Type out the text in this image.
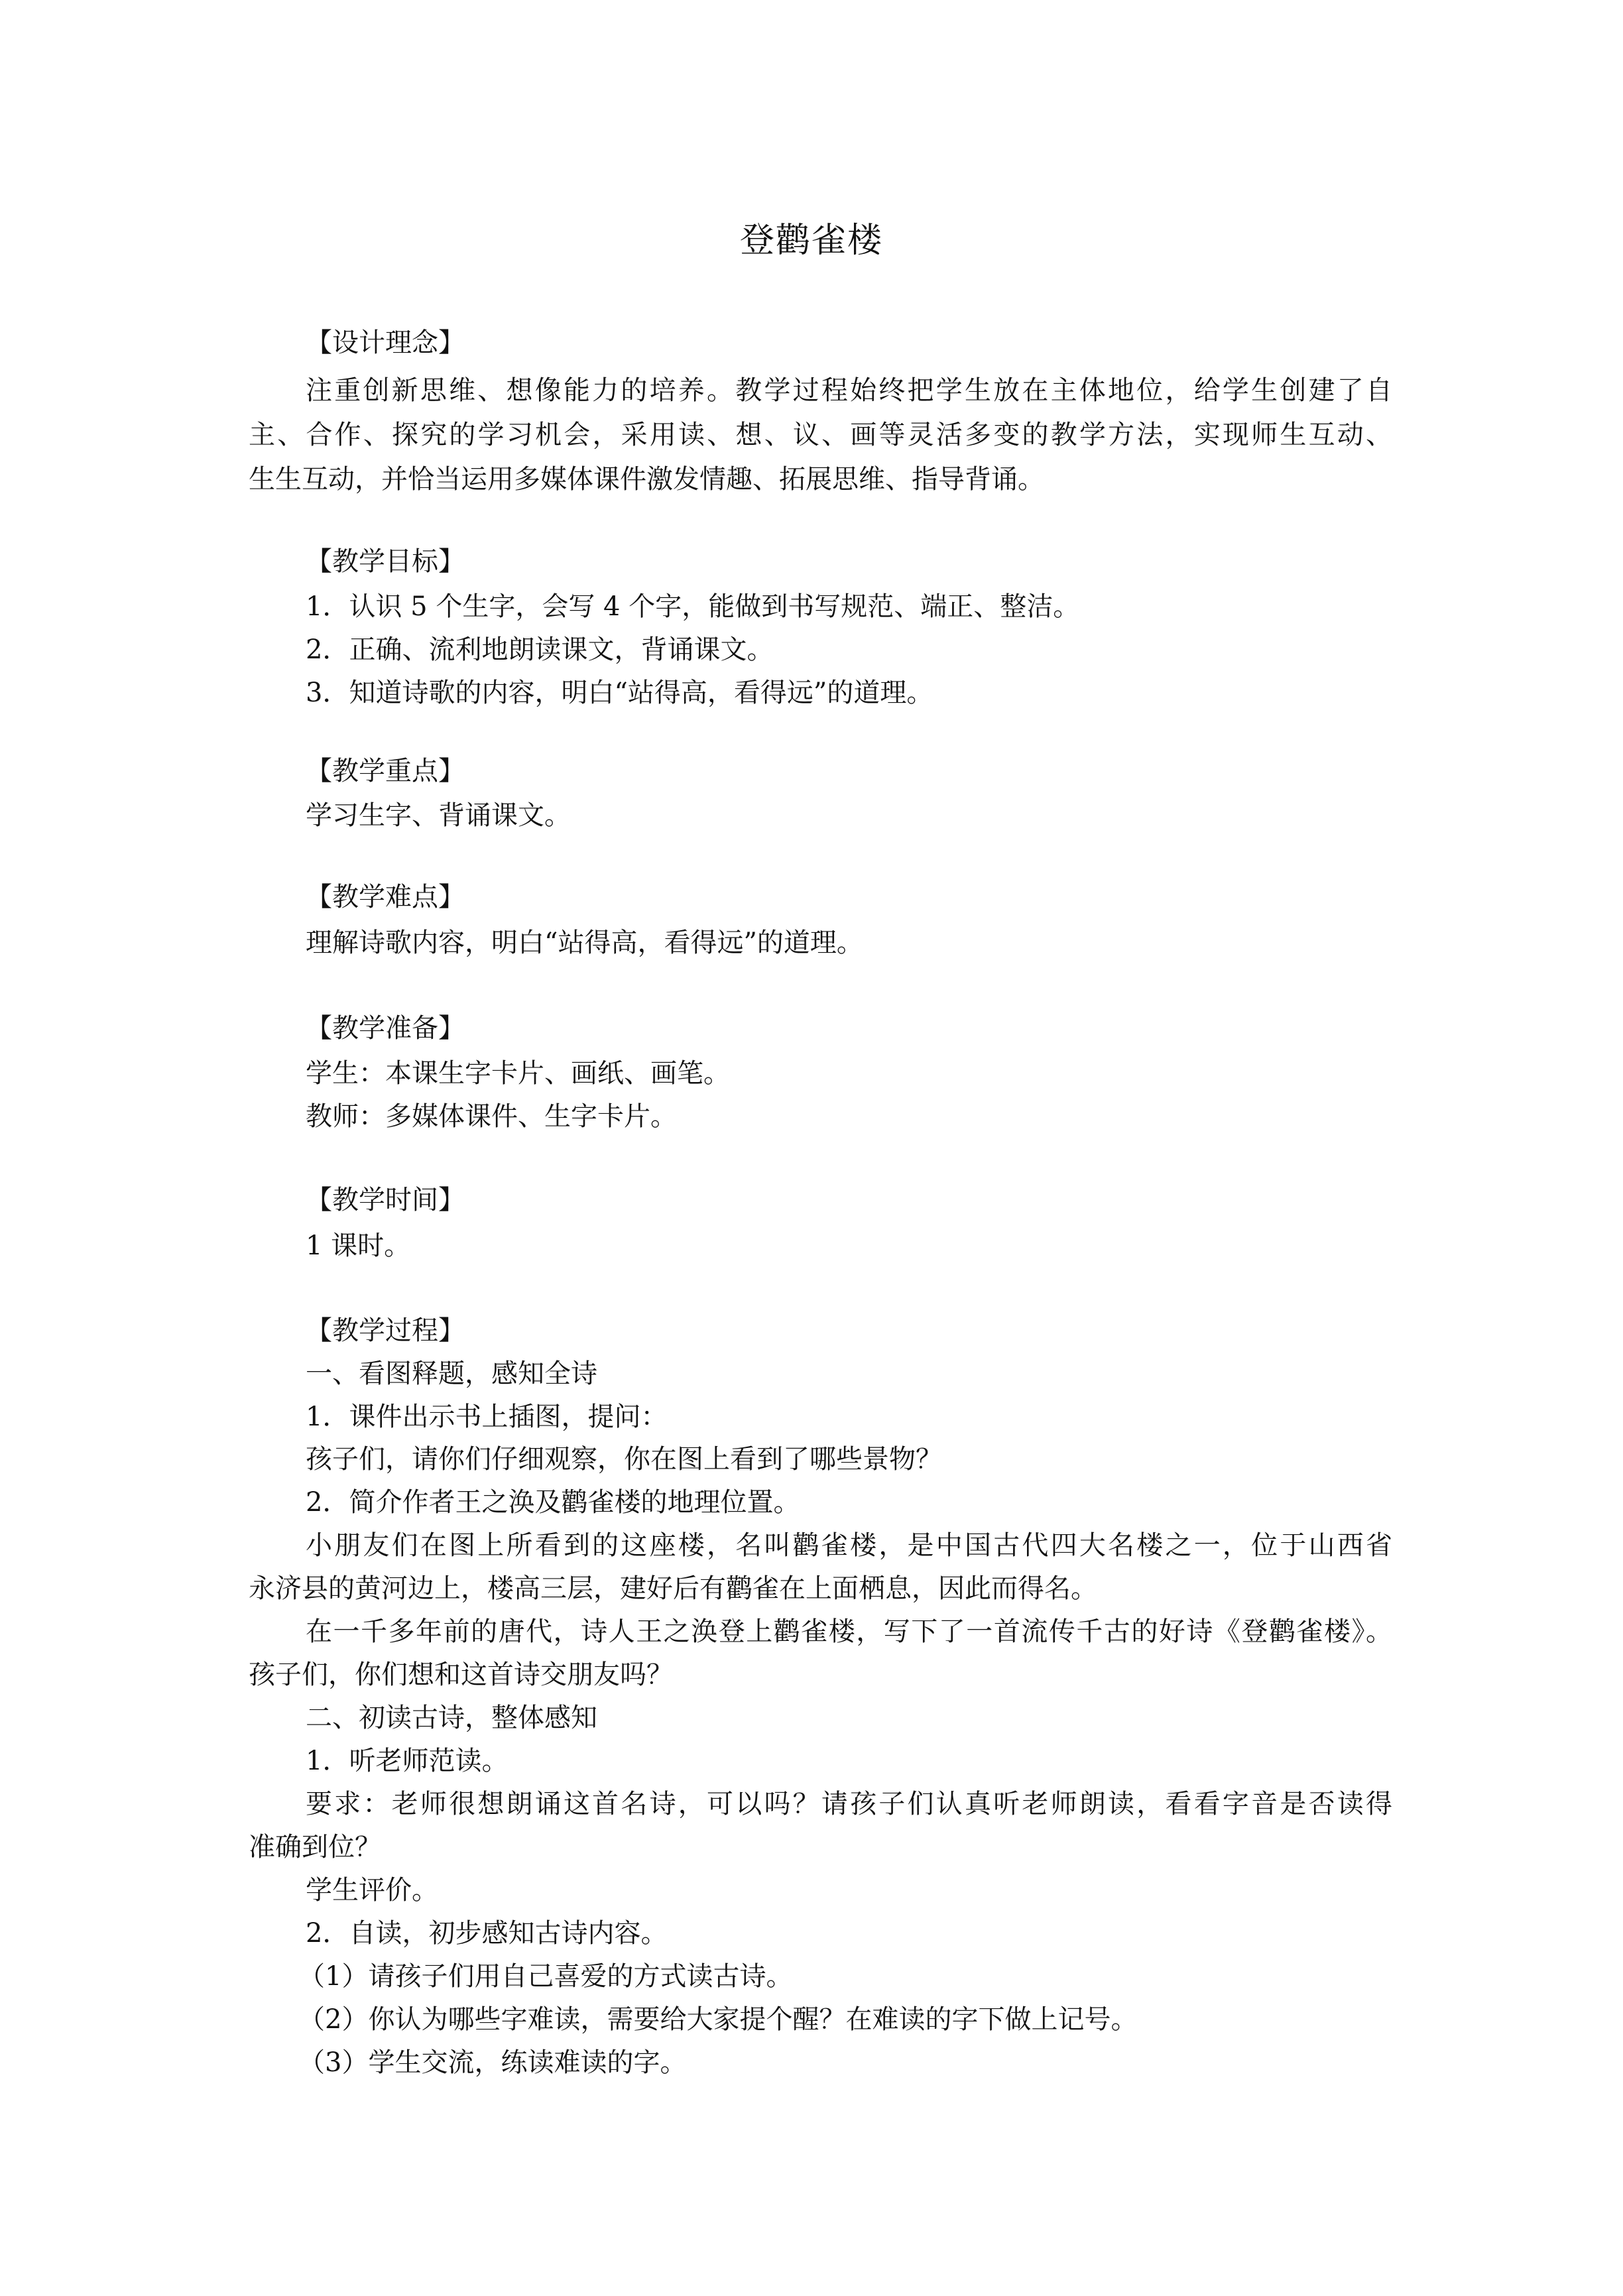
登鹳雀楼
【设计理念】
注重创新思维、想像能力的培养。教学过程始终把学生放在主体地位，给学生创建了自
主、合作、探究的学习机会，采用读、想、议、画等灵活多变的教学方法，实现师生互动、
生生互动，并恰当运用多媒体课件激发情趣、拓展思维、指导背诵。
【教学目标】
1．认识 5 个生字，会写 4 个字，能做到书写规范、端正、整洁。
2．正确、流利地朗读课文，背诵课文。
3．知道诗歌的内容，明白“站得高，看得远”的道理。
【教学重点】
学习生字、背诵课文。
【教学难点】
理解诗歌内容，明白“站得高，看得远”的道理。
【教学准备】
学生：本课生字卡片、画纸、画笔。
教师：多媒体课件、生字卡片。
【教学时间】
1 课时。
【教学过程】
一、看图释题，感知全诗
1．课件出示书上插图，提问：
孩子们，请你们仔细观察，你在图上看到了哪些景物？
2．简介作者王之涣及鹳雀楼的地理位置。
小朋友们在图上所看到的这座楼，名叫鹳雀楼，是中国古代四大名楼之一，位于山西省
永济县的黄河边上，楼高三层，建好后有鹳雀在上面栖息，因此而得名。
在一千多年前的唐代，诗人王之涣登上鹳雀楼，写下了一首流传千古的好诗《登鹳雀楼》。
孩子们，你们想和这首诗交朋友吗？
二、初读古诗，整体感知
1．听老师范读。
要求：老师很想朗诵这首名诗，可以吗？请孩子们认真听老师朗读，看看字音是否读得
准确到位？
学生评价。
2．自读，初步感知古诗内容。
（1）请孩子们用自己喜爱的方式读古诗。
（2）你认为哪些字难读，需要给大家提个醒？在难读的字下做上记号。
（3）学生交流，练读难读的字。
